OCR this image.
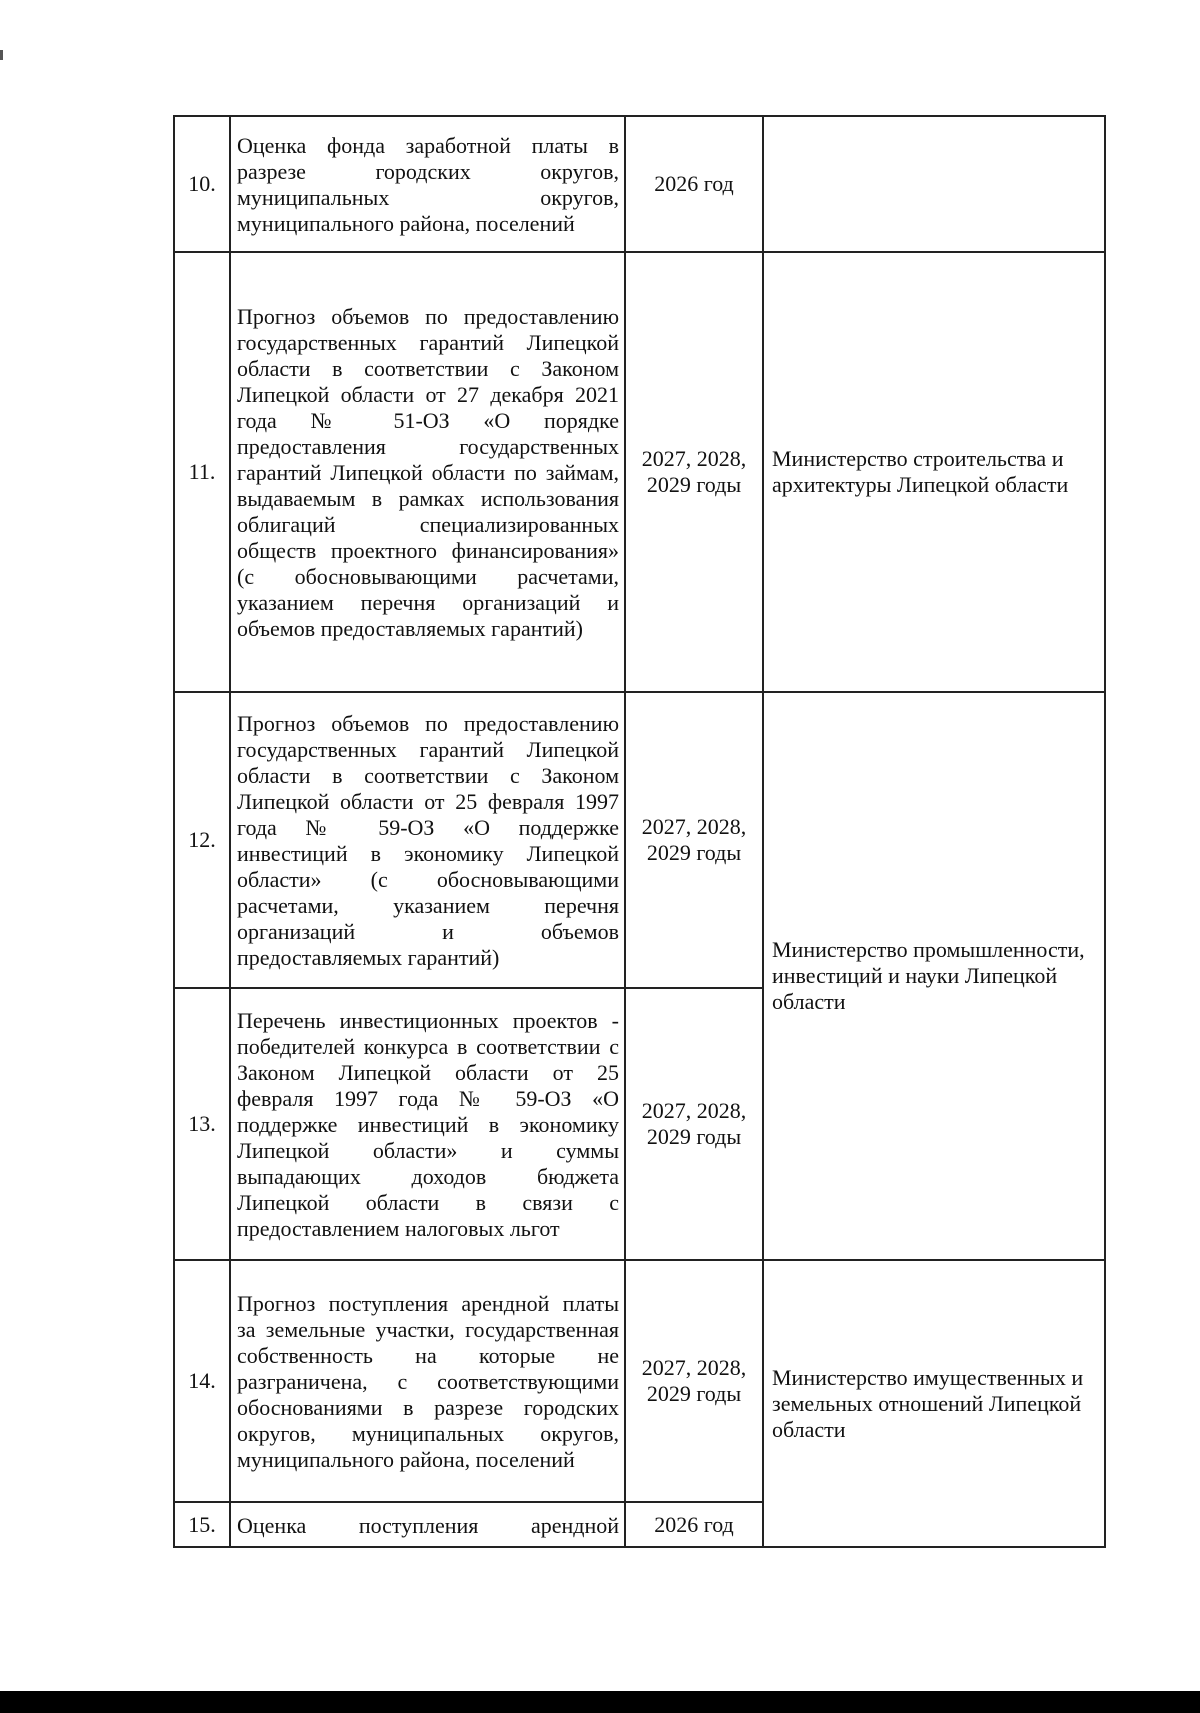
10.	Оценка фонда заработной платы в разрезе городских округов, муниципальных округов, муниципального района, поселений	2026 год	
11.	Прогноз объемов по предоставлению государственных гарантий Липецкой области в соответствии с Законом Липецкой области от 27 декабря 2021 года № 51-ОЗ «О порядке предоставления государственных гарантий Липецкой области по займам, выдаваемым в рамках использования облигаций специализированных обществ проектного финансирования» (с обосновывающими расчетами, указанием перечня организаций и объемов предоставляемых гарантий)	2027, 2028, 2029 годы	Министерство строительства и архитектуры Липецкой области
12.	Прогноз объемов по предоставлению государственных гарантий Липецкой области в соответствии с Законом Липецкой области от 25 февраля 1997 года № 59-ОЗ «О поддержке инвестиций в экономику Липецкой области» (с обосновывающими расчетами, указанием перечня организаций и объемов предоставляемых гарантий)	2027, 2028, 2029 годы	Министерство промышленности, инвестиций и науки Липецкой области
13.	Перечень инвестиционных проектов - победителей конкурса в соответствии с Законом Липецкой области от 25 февраля 1997 года № 59-ОЗ «О поддержке инвестиций в экономику Липецкой области» и суммы выпадающих доходов бюджета Липецкой области в связи с предоставлением налоговых льгот	2027, 2028, 2029 годы	
14.	Прогноз поступления арендной платы за земельные участки, государственная собственность на которые не разграничена, с соответствующими обоснованиями в разрезе городских округов, муниципальных округов, муниципального района, поселений	2027, 2028, 2029 годы	Министерство имущественных и земельных отношений Липецкой области
15.	Оценка поступления арендной	2026 год	
